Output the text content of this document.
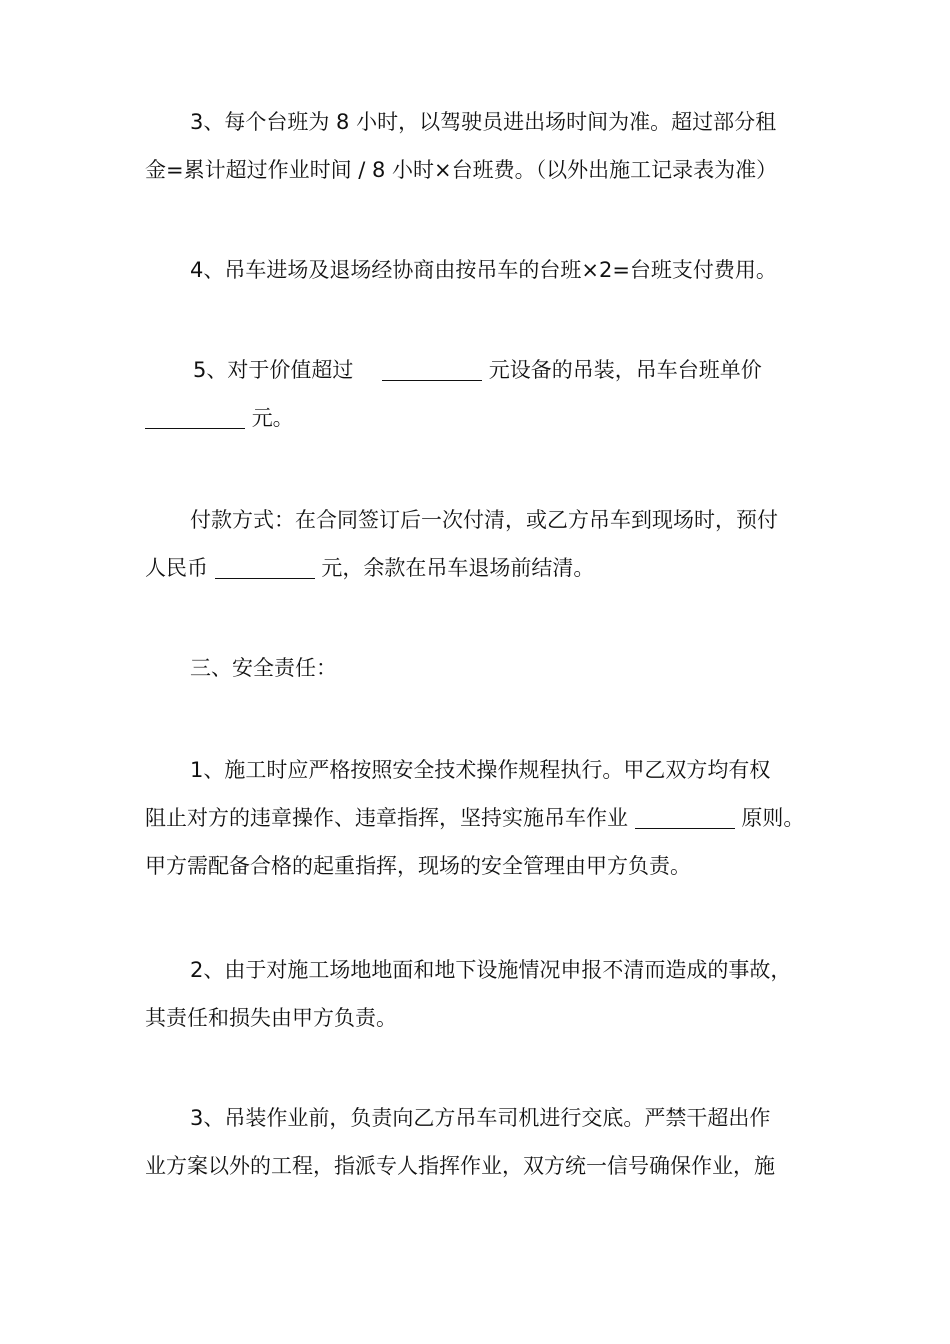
3、每个台班为 8 小时，以驾驶员进出场时间为准。超过部分租
金=累计超过作业时间 / 8 小时×台班费。（以外出施工记录表为准）
4、吊车进场及退场经协商由按吊车的台班×2=台班支付费用。
5、对于价值超过	元设备的吊装，吊车台班单价
元。
付款方式：在合同签订后一次付清，或乙方吊车到现场时，预付
人民币	元，余款在吊车退场前结清。
三、安全责任：
1、施工时应严格按照安全技术操作规程执行。甲乙双方均有权
阻止对方的违章操作、违章指挥，坚持实施吊车作业	原则。
甲方需配备合格的起重指挥，现场的安全管理由甲方负责。
2、由于对施工场地地面和地下设施情况申报不清而造成的事故，
其责任和损失由甲方负责。
3、吊装作业前，负责向乙方吊车司机进行交底。严禁干超出作
业方案以外的工程，指派专人指挥作业，双方统一信号确保作业，施
